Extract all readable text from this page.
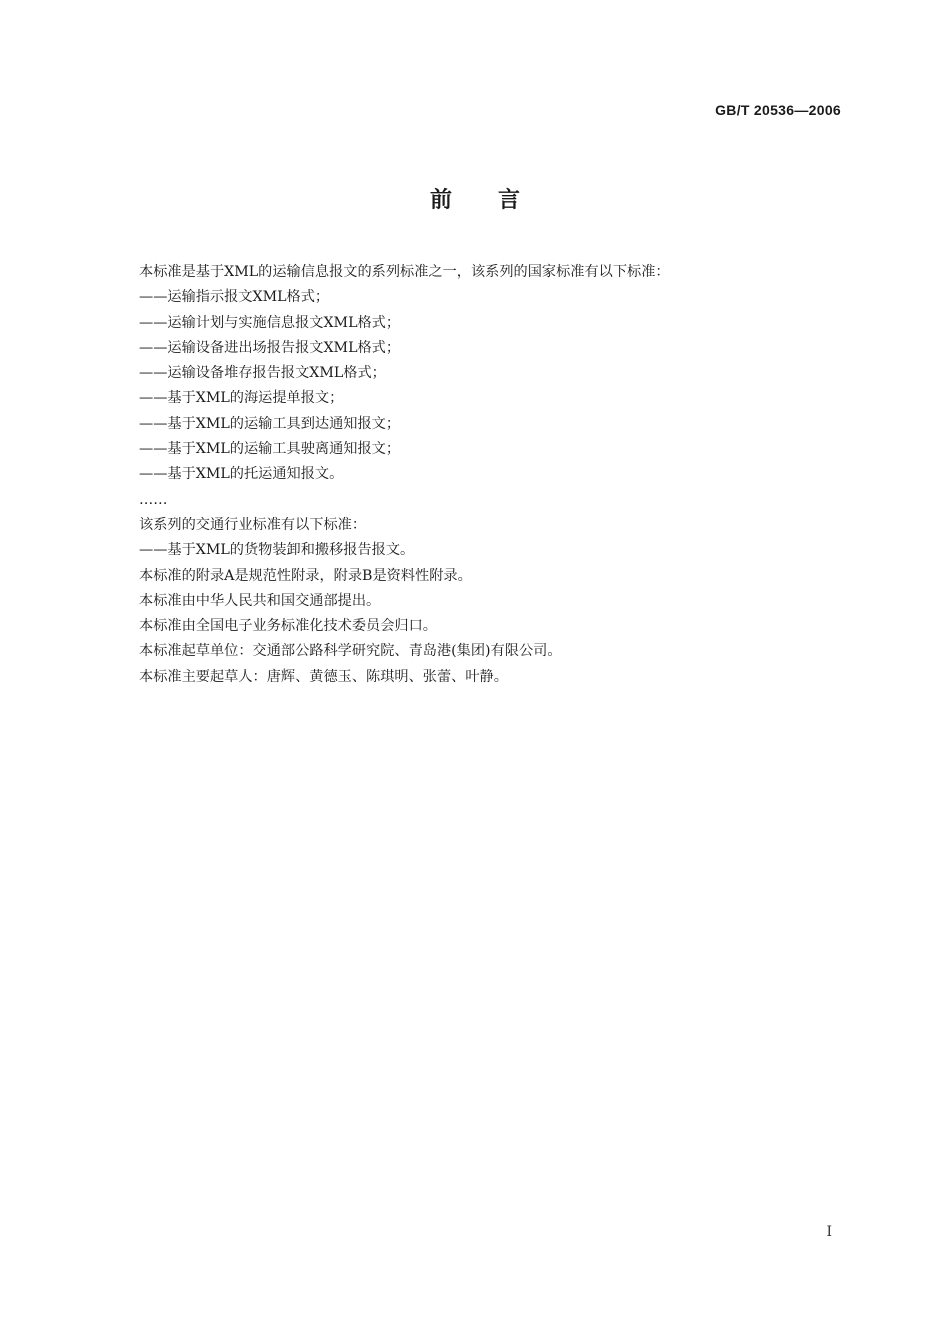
GB/T 20536—2006
前言
本标准是基于XML的运输信息报文的系列标准之一，该系列的国家标准有以下标准：
——运输指示报文XML格式；
——运输计划与实施信息报文XML格式；
——运输设备进出场报告报文XML格式；
——运输设备堆存报告报文XML格式；
——基于XML的海运提单报文；
——基于XML的运输工具到达通知报文；
——基于XML的运输工具驶离通知报文；
——基于XML的托运通知报文。
……
该系列的交通行业标准有以下标准：
——基于XML的货物装卸和搬移报告报文。
本标准的附录A是规范性附录，附录B是资料性附录。
本标准由中华人民共和国交通部提出。
本标准由全国电子业务标准化技术委员会归口。
本标准起草单位：交通部公路科学研究院、青岛港(集团)有限公司。
本标准主要起草人：唐辉、黄德玉、陈琪明、张蕾、叶静。
I
